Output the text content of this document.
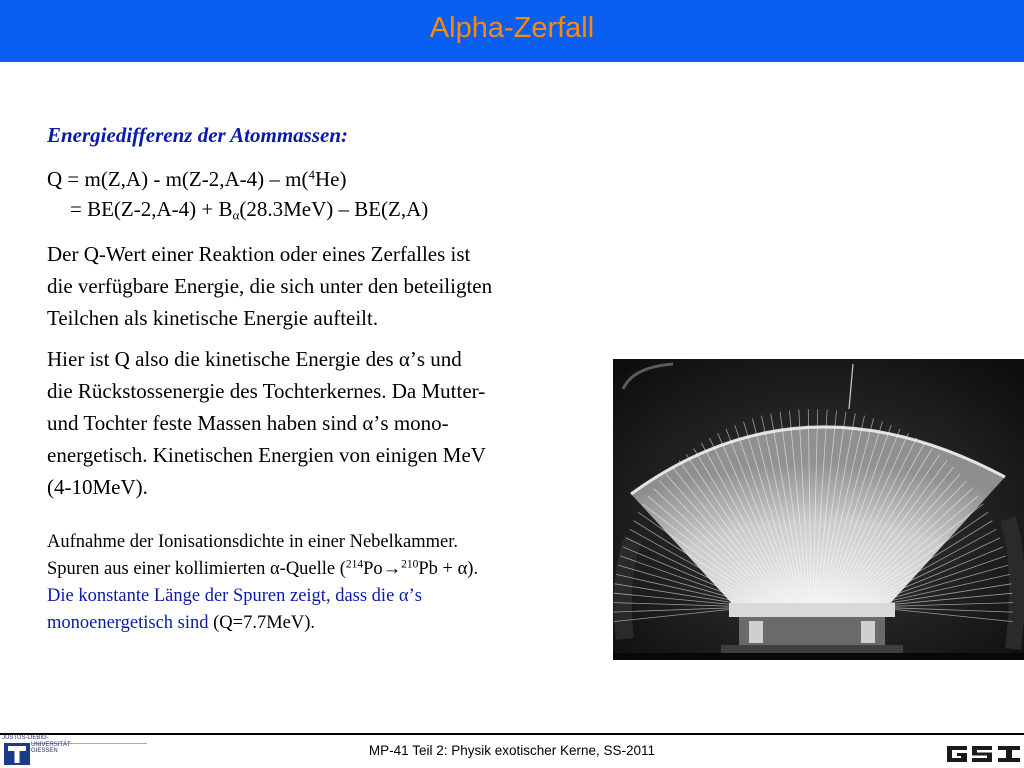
Alpha-Zerfall
Energiedifferenz der Atommassen:
Q = m(Z,A) - m(Z-2,A-4) – m($^4$He)
= $BE(Z-2,A-4) + B_\alpha(28.3MeV) - BE(Z,A)$
Der Q-Wert einer Reaktion oder eines Zerfalles ist
die verfügbare Energie, die sich unter den beteiligten
Teilchen als kinetische Energie aufteilt.
Hier ist Q also die kinetische Energie des α’s und
die Rückstossenergie des Tochterkernes. Da Mutter-
und Tochter feste Massen haben sind α’s mono-
energetisch. Kinetischen Energien von einigen MeV
(4-10MeV).
Aufnahme der Ionisationsdichte in einer Nebelkammer.
Spuren aus einer kollimierten α-Quelle ($^{214}$Po→$^{210}$Pb + α).
Die konstante Länge der Spuren zeigt, dass die α’s
monoenergetisch sind (Q=7.7MeV).
JUSTUS-LIEBIG-
UNIVERSITÄT
GIESSEN	MP-41 Teil 2: Physik exotischer Kerne, SS-2011
